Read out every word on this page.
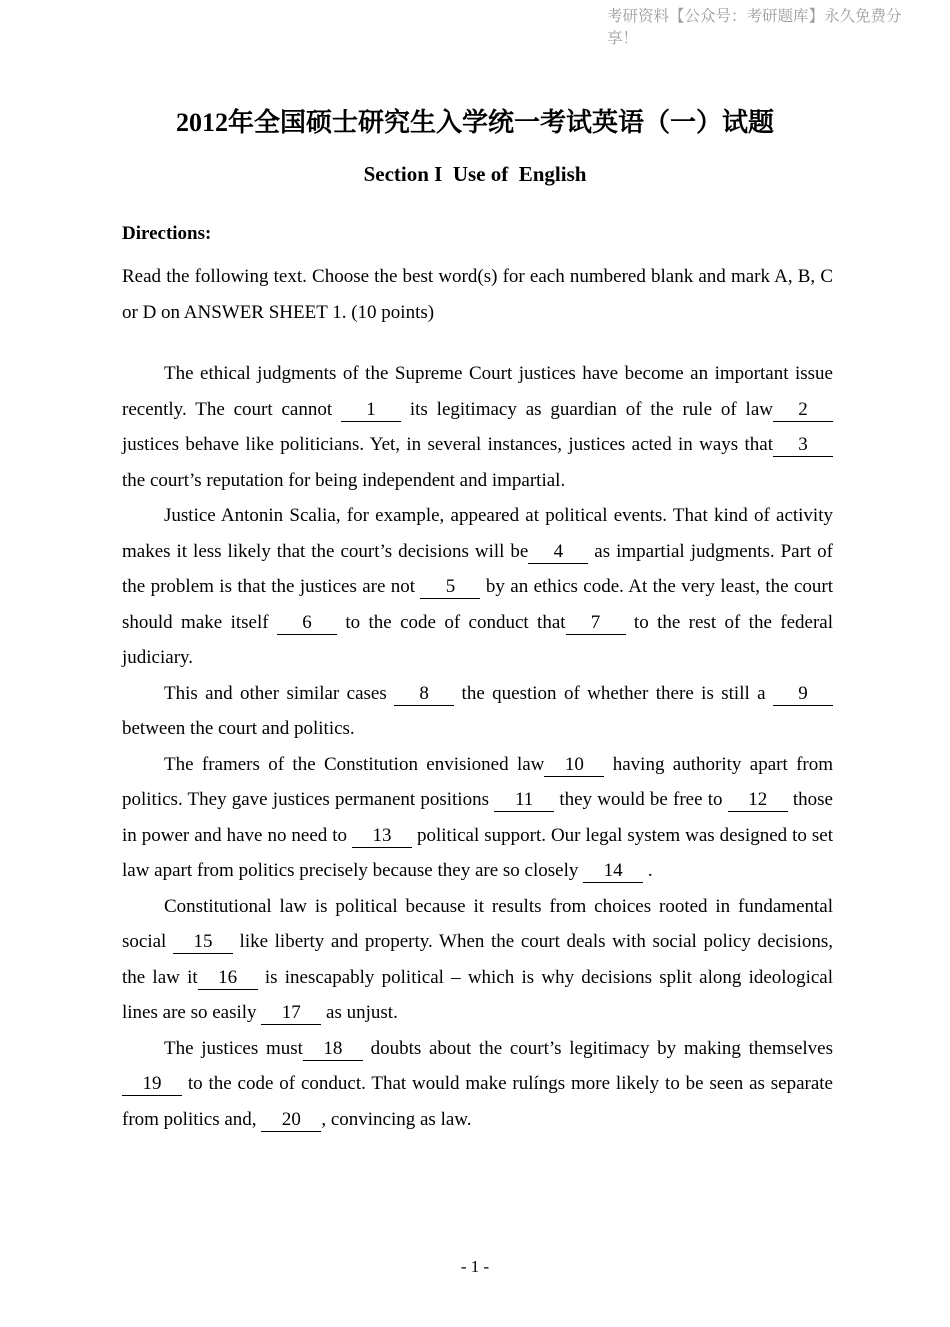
考研资料【公众号：考研题库】永久免费分享！
2012年全国硕士研究生入学统一考试英语（一）试题
Section I  Use of  English

Directions:

Read the following text. Choose the best word(s) for each numbered blank and mark A, B, C or D on ANSWER SHEET 1. (10 points)

The ethical judgments of the Supreme Court justices have become an important issue recently. The court cannot 1 its legitimacy as guardian of the rule of law 2 justices behave like politicians. Yet, in several instances, justices acted in ways that 3 the court’s reputation for being independent and impartial.

Justice Antonin Scalia, for example, appeared at political events. That kind of activity makes it less likely that the court’s decisions will be 4 as impartial judgments. Part of the problem is that the justices are not 5 by an ethics code. At the very least, the court should make itself 6 to the code of conduct that 7 to the rest of the federal judiciary.

This and other similar cases 8 the question of whether there is still a 9 between the court and politics.

The framers of the Constitution envisioned law 10 having authority apart from politics. They gave justices permanent positions 11 they would be free to 12 those in power and have no need to 13 political support. Our legal system was designed to set law apart from politics precisely because they are so closely 14 .

Constitutional law is political because it results from choices rooted in fundamental social 15 like liberty and property. When the court deals with social policy decisions, the law it 16 is inescapably political – which is why decisions split along ideological lines are so easily 17 as unjust.

The justices must 18 doubts about the court’s legitimacy by making themselves 19 to the code of conduct. That would make rulíngs more likely to be seen as separate from politics and, 20 , convincing as law.

- 1 -
